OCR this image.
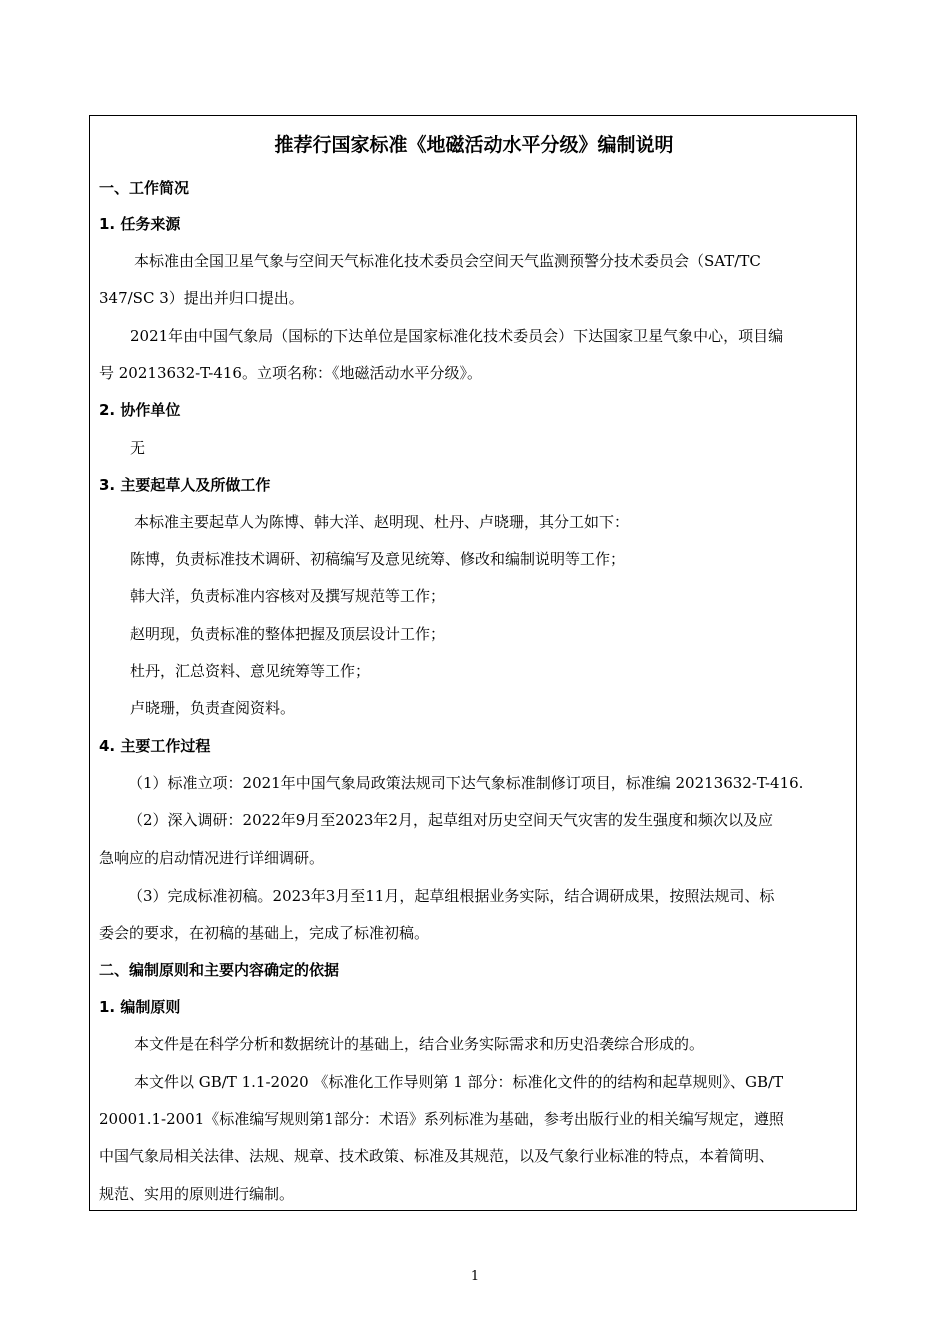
推荐行国家标准《地磁活动水平分级》编制说明
一、工作简况
1. 任务来源
本标准由全国卫星气象与空间天气标准化技术委员会空间天气监测预警分技术委员会（SAT/TC
347/SC 3）提出并归口提出。
2021年由中国气象局（国标的下达单位是国家标准化技术委员会）下达国家卫星气象中心，项目编
号 20213632-T-416。立项名称：《地磁活动水平分级》。
2. 协作单位
无
3. 主要起草人及所做工作
本标准主要起草人为陈博、韩大洋、赵明现、杜丹、卢晓珊，其分工如下：
陈博，负责标准技术调研、初稿编写及意见统筹、修改和编制说明等工作；
韩大洋，负责标准内容核对及撰写规范等工作；
赵明现，负责标准的整体把握及顶层设计工作；
杜丹，汇总资料、意见统筹等工作；
卢晓珊，负责查阅资料。
4. 主要工作过程
（1）标准立项：2021年中国气象局政策法规司下达气象标准制修订项目，标准编 20213632-T-416.
（2）深入调研：2022年9月至2023年2月，起草组对历史空间天气灾害的发生强度和频次以及应
急响应的启动情况进行详细调研。
（3）完成标准初稿。2023年3月至11月，起草组根据业务实际，结合调研成果，按照法规司、标
委会的要求，在初稿的基础上，完成了标准初稿。
二、编制原则和主要内容确定的依据
1. 编制原则
本文件是在科学分析和数据统计的基础上，结合业务实际需求和历史沿袭综合形成的。
本文件以 GB/T 1.1-2020 《标准化工作导则第 1 部分：标准化文件的的结构和起草规则》、GB/T
20001.1-2001《标准编写规则第1部分：术语》系列标准为基础，参考出版行业的相关编写规定，遵照
中国气象局相关法律、法规、规章、技术政策、标准及其规范，以及气象行业标准的特点，本着简明、
规范、实用的原则进行编制。
1
